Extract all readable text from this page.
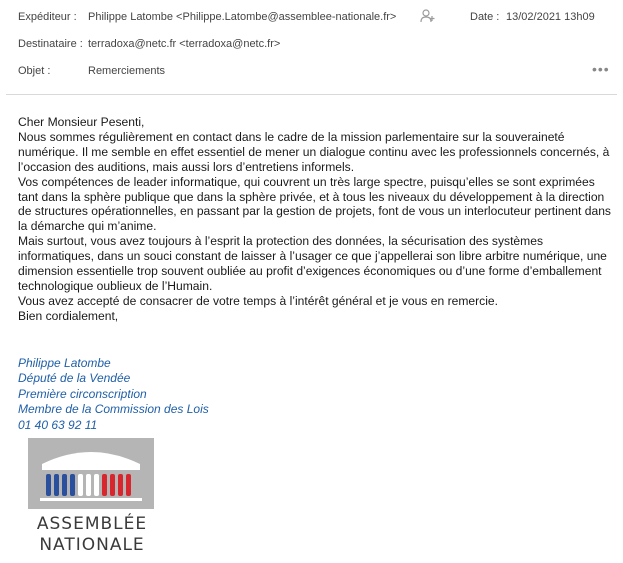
Expéditeur : Philippe Latombe <Philippe.Latombe@assemblee-nationale.fr>	Date : 13/02/2021 13h09
Destinataire : terradoxa@netc.fr <terradoxa@netc.fr>
Objet :	Remerciements	•••

Cher Monsieur Pesenti,

Nous sommes régulièrement en contact dans le cadre de la mission parlementaire sur la souveraineté numérique. Il me semble en effet essentiel de mener un dialogue continu avec les professionnels concernés, à l’occasion des auditions, mais aussi lors d’entretiens informels.

Vos compétences de leader informatique, qui couvrent un très large spectre, puisqu’elles se sont exprimées tant dans la sphère publique que dans la sphère privée, et à tous les niveaux du développement à la direction de structures opérationnelles, en passant par la gestion de projets, font de vous un interlocuteur pertinent dans la démarche qui m’anime.

Mais surtout, vous avez toujours à l’esprit la protection des données, la sécurisation des systèmes informatiques, dans un souci constant de laisser à l’usager ce que j’appellerai son libre arbitre numérique, une dimension essentielle trop souvent oubliée au profit d’exigences économiques ou d’une forme d’emballement technologique oublieux de l’Humain.

Vous avez accepté de consacrer de votre temps à l’intérêt général et je vous en remercie.

Bien cordialement,

Philippe Latombe
Député de la Vendée
Première circonscription
Membre de la Commission des Lois
01 40 63 92 11
ASSEMBLÉE
NATIONALE
